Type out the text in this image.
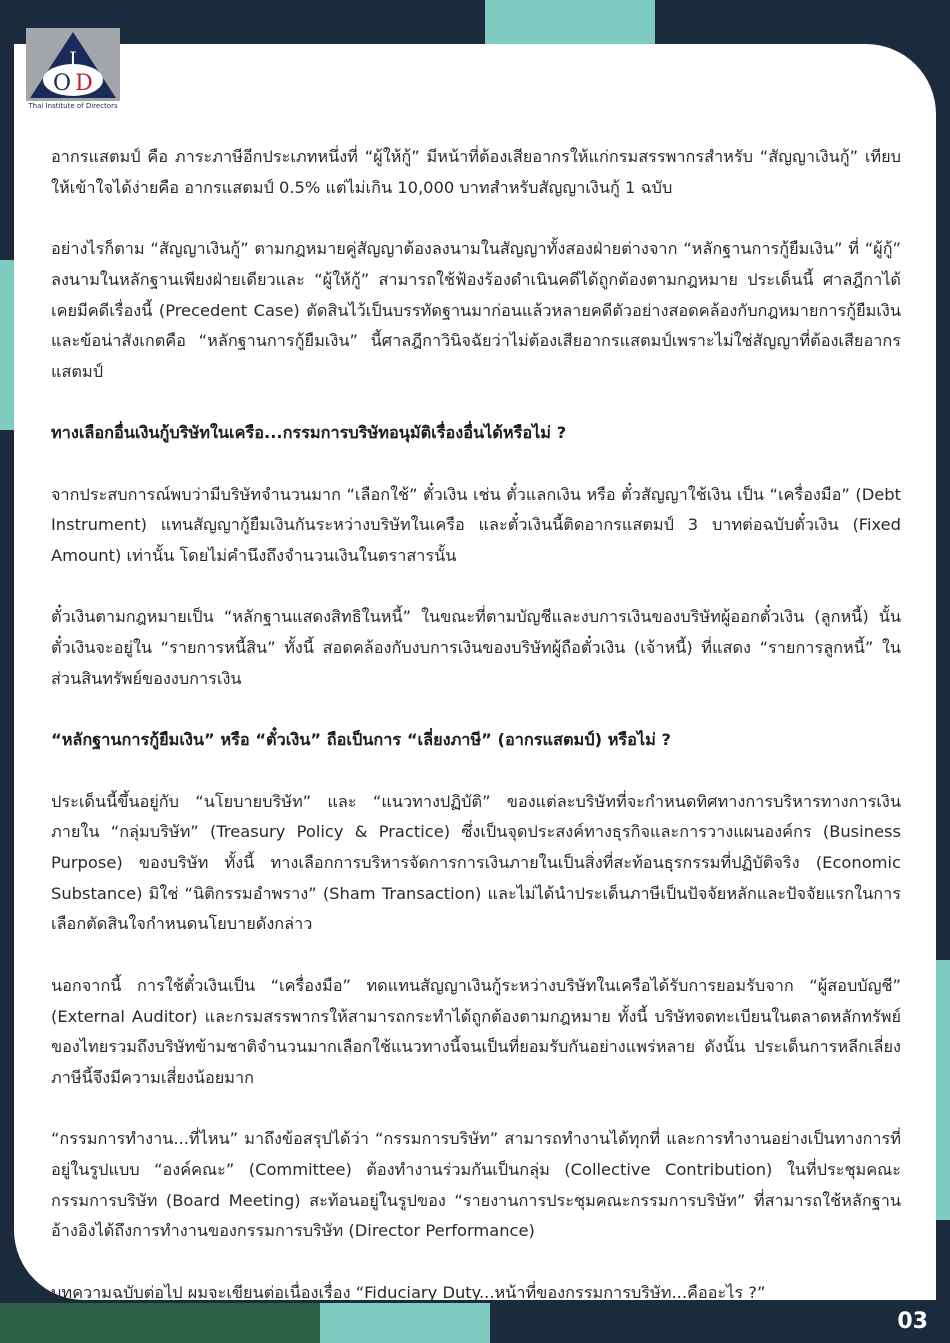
I
O D
Thai Institute of Directors

อากรแสตมป์ คือ ภาระภาษีอีกประเภทหนึ่งที่ “ผู้ให้กู้” มีหน้าที่ต้องเสียอากรให้แก่กรมสรรพากรสำหรับ “สัญญาเงินกู้” เทียบให้เข้าใจได้ง่ายคือ อากรแสตมป์ 0.5% แต่ไม่เกิน 10,000 บาทสำหรับสัญญาเงินกู้ 1 ฉบับ

อย่างไรก็ตาม “สัญญาเงินกู้” ตามกฎหมายคู่สัญญาต้องลงนามในสัญญาทั้งสองฝ่ายต่างจาก “หลักฐานการกู้ยืมเงิน” ที่ “ผู้กู้” ลงนามในหลักฐานเพียงฝ่ายเดียวและ “ผู้ให้กู้” สามารถใช้ฟ้องร้องดำเนินคดีได้ถูกต้องตามกฎหมาย ประเด็นนี้ ศาลฎีกาได้เคยมีคดีเรื่องนี้ (Precedent Case) ตัดสินไว้เป็นบรรทัดฐานมาก่อนแล้วหลายคดีตัวอย่างสอดคล้องกับกฎหมายการกู้ยืมเงิน และข้อน่าสังเกตคือ “หลักฐานการกู้ยืมเงิน” นี้ศาลฎีกาวินิจฉัยว่าไม่ต้องเสียอากรแสตมป์เพราะไม่ใช่สัญญาที่ต้องเสียอากรแสตมป์

ทางเลือกอื่นเงินกู้บริษัทในเครือ...กรรมการบริษัทอนุมัติเรื่องอื่นได้หรือไม่ ?

จากประสบการณ์พบว่ามีบริษัทจำนวนมาก “เลือกใช้” ตั๋วเงิน เช่น ตั๋วแลกเงิน หรือ ตั๋วสัญญาใช้เงิน เป็น “เครื่องมือ” (Debt Instrument) แทนสัญญากู้ยืมเงินกันระหว่างบริษัทในเครือ และตั๋วเงินนี้ติดอากรแสตมป์ 3 บาทต่อฉบับตั๋วเงิน (Fixed Amount) เท่านั้น โดยไม่คำนึงถึงจำนวนเงินในตราสารนั้น

ตั๋วเงินตามกฎหมายเป็น “หลักฐานแสดงสิทธิในหนี้” ในขณะที่ตามบัญชีและงบการเงินของบริษัทผู้ออกตั๋วเงิน (ลูกหนี้) นั้น ตั๋วเงินจะอยู่ใน “รายการหนี้สิน” ทั้งนี้ สอดคล้องกับงบการเงินของบริษัทผู้ถือตั๋วเงิน (เจ้าหนี้) ที่แสดง “รายการลูกหนี้” ในส่วนสินทรัพย์ของงบการเงิน

“หลักฐานการกู้ยืมเงิน” หรือ “ตั๋วเงิน” ถือเป็นการ “เลี่ยงภาษี” (อากรแสตมป์) หรือไม่ ?

ประเด็นนี้ขึ้นอยู่กับ “นโยบายบริษัท” และ “แนวทางปฏิบัติ” ของแต่ละบริษัทที่จะกำหนดทิศทางการบริหารทางการเงินภายใน “กลุ่มบริษัท” (Treasury Policy & Practice) ซึ่งเป็นจุดประสงค์ทางธุรกิจและการวางแผนองค์กร (Business Purpose) ของบริษัท ทั้งนี้ ทางเลือกการบริหารจัดการการเงินภายในเป็นสิ่งที่สะท้อนธุรกรรมที่ปฏิบัติจริง (Economic Substance) มิใช่ “นิติกรรมอำพราง” (Sham Transaction) และไม่ได้นำประเด็นภาษีเป็นปัจจัยหลักและปัจจัยแรกในการเลือกตัดสินใจกำหนดนโยบายดังกล่าว

นอกจากนี้ การใช้ตั๋วเงินเป็น “เครื่องมือ” ทดแทนสัญญาเงินกู้ระหว่างบริษัทในเครือได้รับการยอมรับจาก “ผู้สอบบัญชี” (External Auditor) และกรมสรรพากรให้สามารถกระทำได้ถูกต้องตามกฎหมาย ทั้งนี้ บริษัทจดทะเบียนในตลาดหลักทรัพย์ของไทยรวมถึงบริษัทข้ามชาติจำนวนมากเลือกใช้แนวทางนี้จนเป็นที่ยอมรับกันอย่างแพร่หลาย ดังนั้น ประเด็นการหลีกเลี่ยงภาษีนี้จึงมีความเสี่ยงน้อยมาก

“กรรมการทำงาน...ที่ไหน” มาถึงข้อสรุปได้ว่า “กรรมการบริษัท” สามารถทำงานได้ทุกที่ และการทำงานอย่างเป็นทางการที่อยู่ในรูปแบบ “องค์คณะ” (Committee) ต้องทำงานร่วมกันเป็นกลุ่ม (Collective Contribution) ในที่ประชุมคณะกรรมการบริษัท (Board Meeting) สะท้อนอยู่ในรูปของ “รายงานการประชุมคณะกรรมการบริษัท” ที่สามารถใช้หลักฐานอ้างอิงได้ถึงการทำงานของกรรมการบริษัท (Director Performance)

บทความฉบับต่อไป ผมจะเขียนต่อเนื่องเรื่อง “Fiduciary Duty...หน้าที่ของกรรมการบริษัท...คืออะไร ?”

03
